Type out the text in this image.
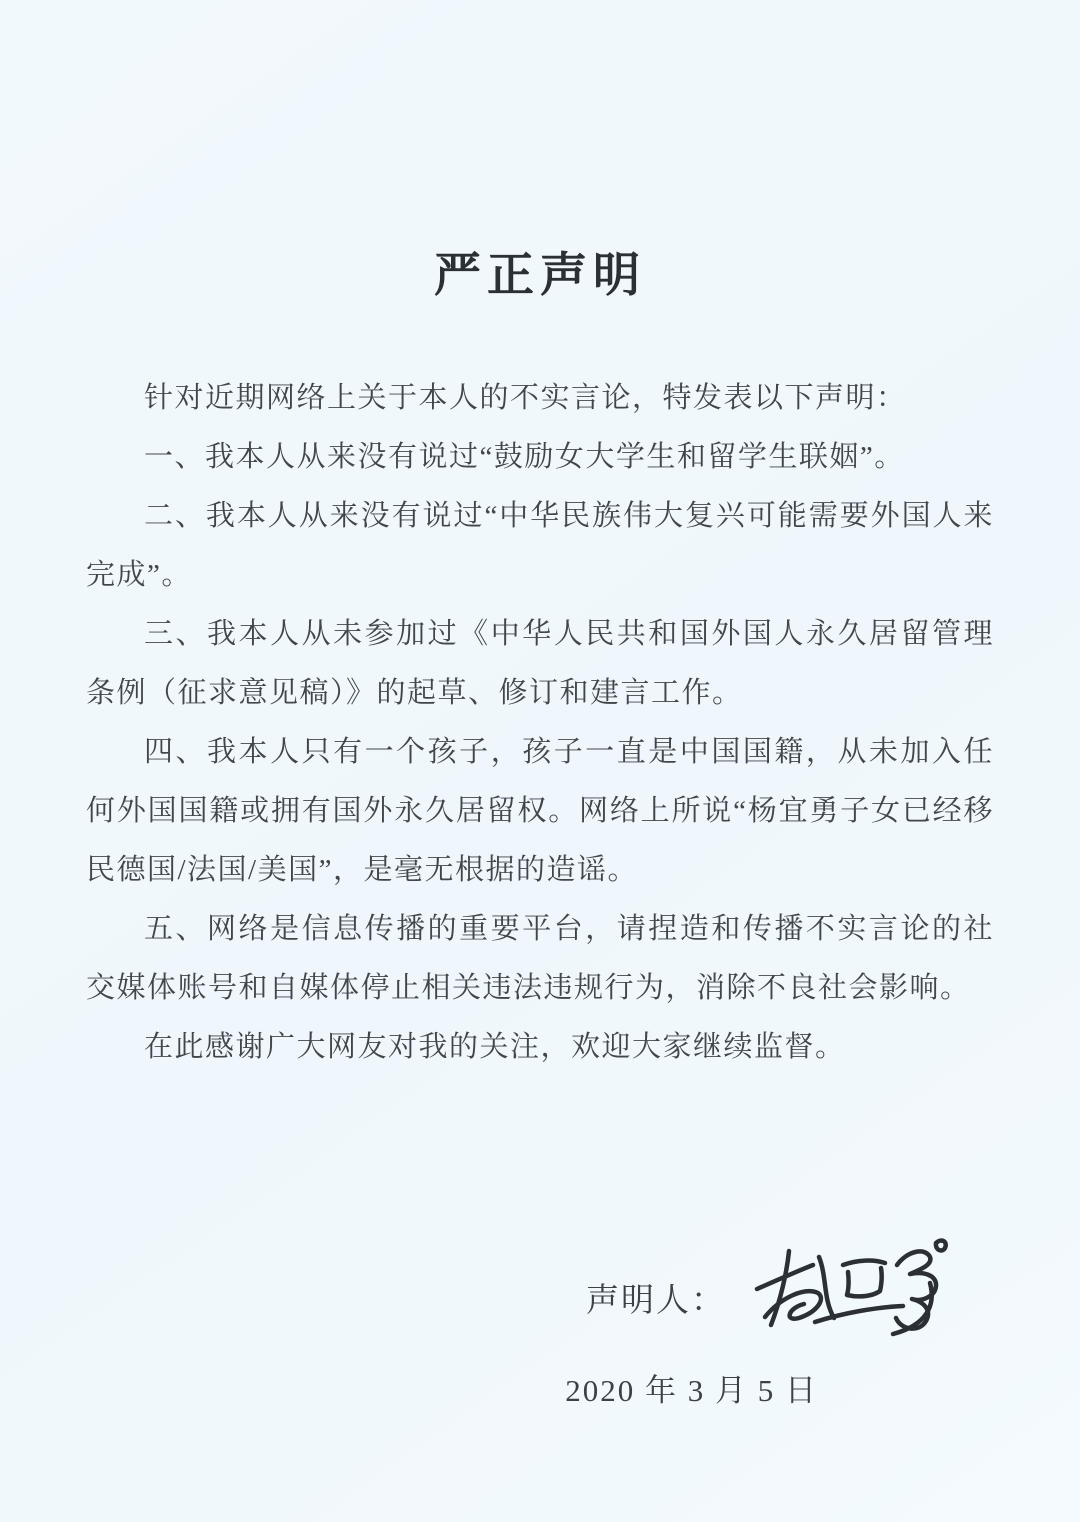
严正声明

针对近期网络上关于本人的不实言论，特发表以下声明：

一、我本人从来没有说过“鼓励女大学生和留学生联姻”。

二、我本人从来没有说过“中华民族伟大复兴可能需要外国人来完成”。

三、我本人从未参加过《中华人民共和国外国人永久居留管理条例（征求意见稿）》的起草、修订和建言工作。

四、我本人只有一个孩子，孩子一直是中国国籍，从未加入任何外国国籍或拥有国外永久居留权。网络上所说“杨宜勇子女已经移民德国/法国/美国”，是毫无根据的造谣。

五、网络是信息传播的重要平台，请捏造和传播不实言论的社交媒体账号和自媒体停止相关违法违规行为，消除不良社会影响。

在此感谢广大网友对我的关注，欢迎大家继续监督。

声明人：

2020 年 3 月 5 日
